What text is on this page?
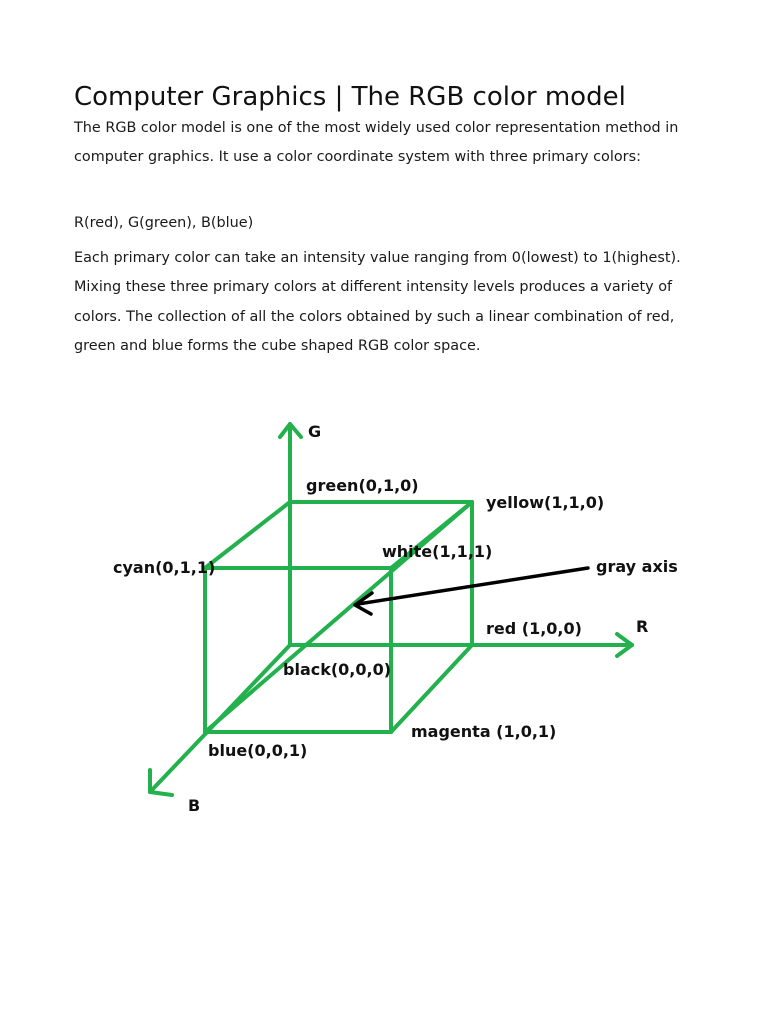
Computer Graphics | The RGB color model

The RGB color model is one of the most widely used color representation method in computer graphics. It use a color coordinate system with three primary colors:

R(red), G(green), B(blue)

Each primary color can take an intensity value ranging from 0(lowest) to 1(highest). Mixing these three primary colors at different intensity levels produces a variety of colors. The collection of all the colors obtained by such a linear combination of red, green and blue forms the cube shaped RGB color space.

G
R
B
green(0,1,0)
yellow(1,1,0)
cyan(0,1,1)
white(1,1,1)
gray axis
red (1,0,0)
black(0,0,0)
magenta (1,0,1)
blue(0,0,1)
